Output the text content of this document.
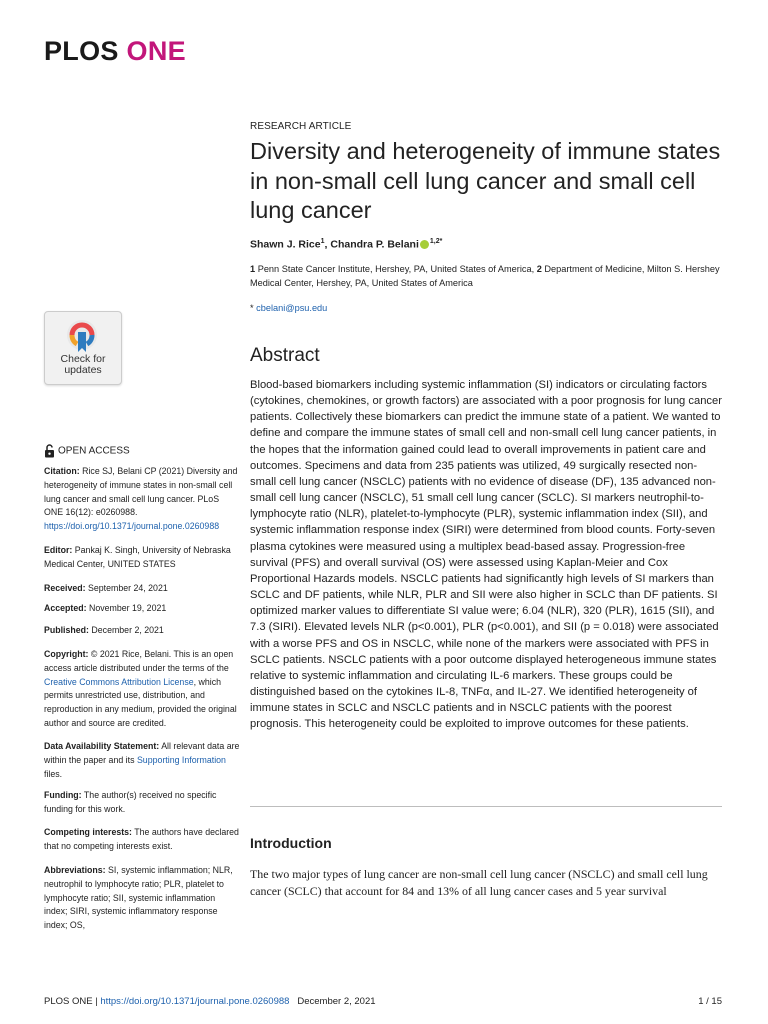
PLOS ONE
RESEARCH ARTICLE
Diversity and heterogeneity of immune states in non-small cell lung cancer and small cell lung cancer
Shawn J. Rice$^1$, Chandra P. Belani $^{1,2*}$
1 Penn State Cancer Institute, Hershey, PA, United States of America, 2 Department of Medicine, Milton S. Hershey Medical Center, Hershey, PA, United States of America
* cbelani@psu.edu
Abstract
Blood-based biomarkers including systemic inflammation (SI) indicators or circulating factors (cytokines, chemokines, or growth factors) are associated with a poor prognosis for lung cancer patients. Collectively these biomarkers can predict the immune state of a patient. We wanted to define and compare the immune states of small cell and non-small cell lung cancer patients, in the hopes that the information gained could lead to overall improvements in patient care and outcomes. Specimens and data from 235 patients was utilized, 49 surgically resected non-small cell lung cancer (NSCLC) patients with no evidence of disease (DF), 135 advanced non-small cell lung cancer (NSCLC), 51 small cell lung cancer (SCLC). SI markers neutrophil-to-lymphocyte ratio (NLR), platelet-to-lymphocyte (PLR), systemic inflammation index (SII), and systemic inflammation response index (SIRI) were determined from blood counts. Forty-seven plasma cytokines were measured using a multiplex bead-based assay. Progression-free survival (PFS) and overall survival (OS) were assessed using Kaplan-Meier and Cox Proportional Hazards models. NSCLC patients had significantly high levels of SI markers than SCLC and DF patients, while NLR, PLR and SII were also higher in SCLC than DF patients. SI optimized marker values to differentiate SI value were; 6.04 (NLR), 320 (PLR), 1615 (SII), and 7.3 (SIRI). Elevated levels NLR (p<0.001), PLR (p<0.001), and SII (p = 0.018) were associated with a worse PFS and OS in NSCLC, while none of the markers were associated with PFS in SCLC patients. NSCLC patients with a poor outcome displayed heterogeneous immune states relative to systemic inflammation and circulating IL-6 markers. These groups could be distinguished based on the cytokines IL-8, TNFα, and IL-27. We identified heterogeneity of immune states in SCLC and NSCLC patients and in NSCLC patients with the poorest prognosis. This heterogeneity could be exploited to improve outcomes for these patients.
Introduction
The two major types of lung cancer are non-small cell lung cancer (NSCLC) and small cell lung cancer (SCLC) that account for 84 and 13% of all lung cancer cases and 5 year survival
Check for
updates
OPEN ACCESS
Citation: Rice SJ, Belani CP (2021) Diversity and heterogeneity of immune states in non-small cell lung cancer and small cell lung cancer. PLoS ONE 16(12): e0260988. https://doi.org/10.1371/journal.pone.0260988
Editor: Pankaj K. Singh, University of Nebraska Medical Center, UNITED STATES
Received: September 24, 2021
Accepted: November 19, 2021
Published: December 2, 2021
Copyright: © 2021 Rice, Belani. This is an open access article distributed under the terms of the Creative Commons Attribution License, which permits unrestricted use, distribution, and reproduction in any medium, provided the original author and source are credited.
Data Availability Statement: All relevant data are within the paper and its Supporting Information files.
Funding: The author(s) received no specific funding for this work.
Competing interests: The authors have declared that no competing interests exist.
Abbreviations: SI, systemic inflammation; NLR, neutrophil to lymphocyte ratio; PLR, platelet to lymphocyte ratio; SII, systemic inflammation index; SIRI, systemic inflammatory response index; OS,
PLOS ONE | https://doi.org/10.1371/journal.pone.0260988 December 2, 2021	1 / 15
